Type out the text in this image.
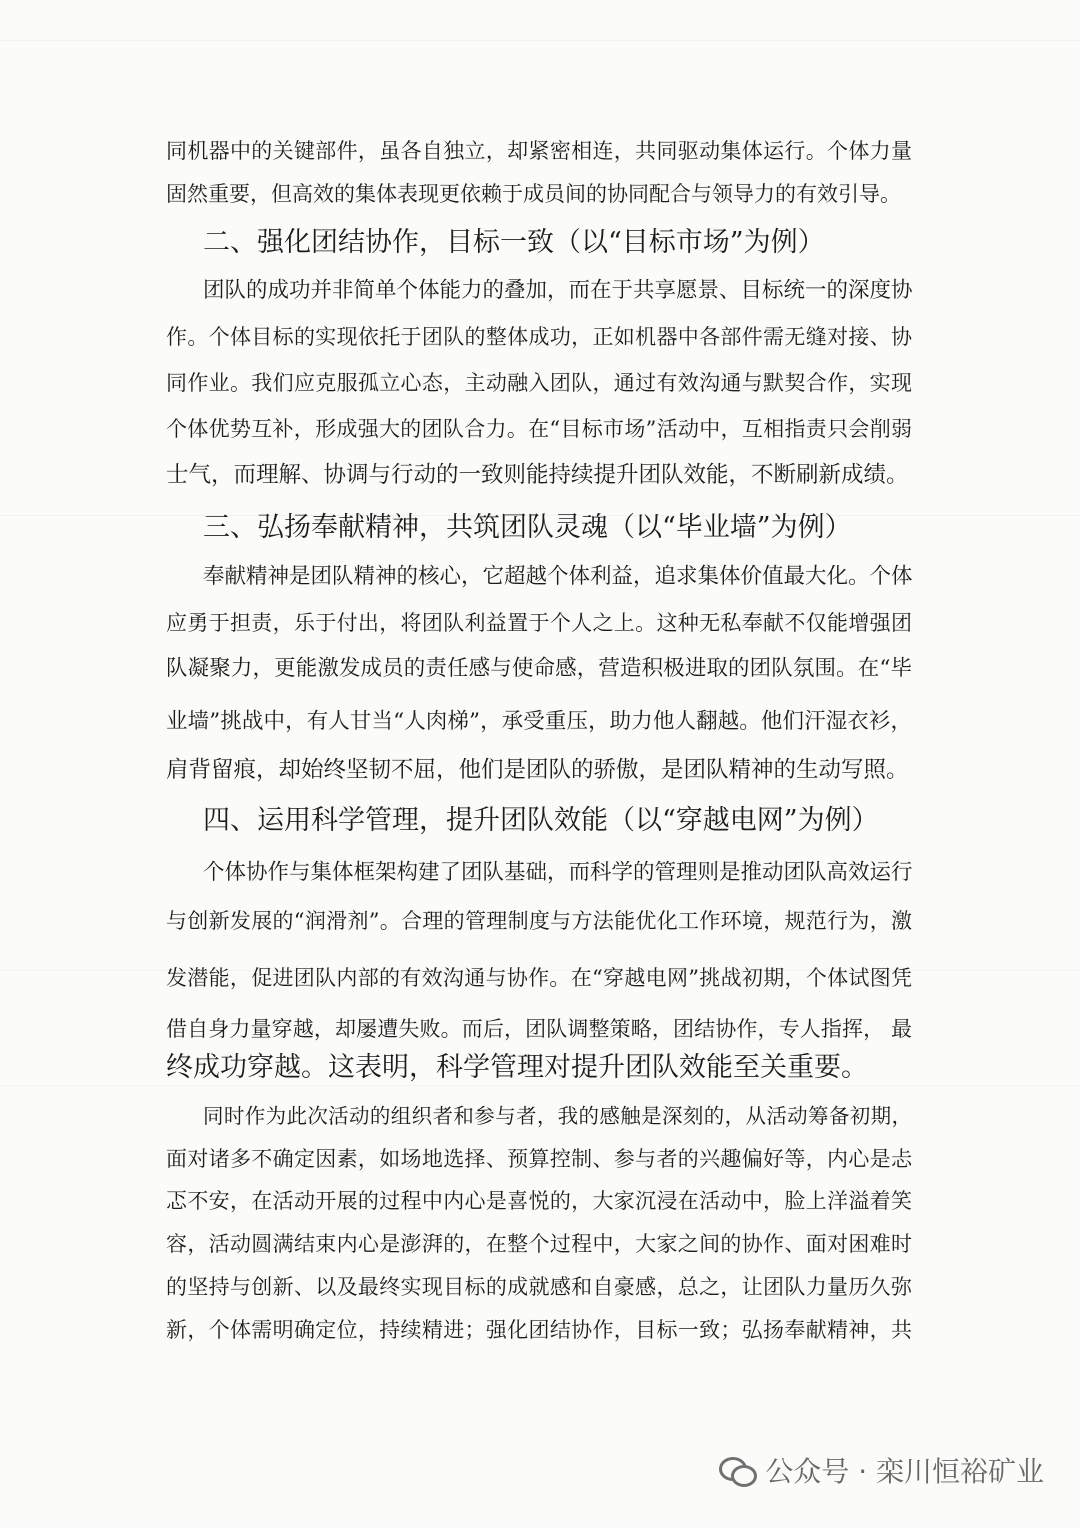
同机器中的关键部件，虽各自独立，却紧密相连，共同驱动集体运行。个体力量
固然重要，但高效的集体表现更依赖于成员间的协同配合与领导力的有效引导。
二、强化团结协作，目标一致（以“目标市场”为例）
团队的成功并非简单个体能力的叠加，而在于共享愿景、目标统一的深度协
作。个体目标的实现依托于团队的整体成功，正如机器中各部件需无缝对接、协
同作业。我们应克服孤立心态，主动融入团队，通过有效沟通与默契合作，实现
个体优势互补，形成强大的团队合力。在“目标市场”活动中，互相指责只会削弱
士气，而理解、协调与行动的一致则能持续提升团队效能，不断刷新成绩。
三、弘扬奉献精神，共筑团队灵魂（以“毕业墙”为例）
奉献精神是团队精神的核心，它超越个体利益，追求集体价值最大化。个体
应勇于担责，乐于付出，将团队利益置于个人之上。这种无私奉献不仅能增强团
队凝聚力，更能激发成员的责任感与使命感，营造积极进取的团队氛围。在“毕
业墙”挑战中，有人甘当“人肉梯”，承受重压，助力他人翻越。他们汗湿衣衫，
肩背留痕，却始终坚韧不屈，他们是团队的骄傲，是团队精神的生动写照。
四、运用科学管理，提升团队效能（以“穿越电网”为例）
个体协作与集体框架构建了团队基础，而科学的管理则是推动团队高效运行
与创新发展的“润滑剂”。合理的管理制度与方法能优化工作环境，规范行为，激
发潜能，促进团队内部的有效沟通与协作。在“穿越电网”挑战初期，个体试图凭
借自身力量穿越，却屡遭失败。而后，团队调整策略，团结协作，专人指挥， 最
终成功穿越。这表明，科学管理对提升团队效能至关重要。
同时作为此次活动的组织者和参与者，我的感触是深刻的，从活动筹备初期，
面对诸多不确定因素，如场地选择、预算控制、参与者的兴趣偏好等，内心是忐
忑不安，在活动开展的过程中内心是喜悦的，大家沉浸在活动中，脸上洋溢着笑
容，活动圆满结束内心是澎湃的，在整个过程中，大家之间的协作、面对困难时
的坚持与创新、以及最终实现目标的成就感和自豪感，总之，让团队力量历久弥
新，个体需明确定位，持续精进；强化团结协作，目标一致；弘扬奉献精神，共
公众号 · 栾川恒裕矿业
